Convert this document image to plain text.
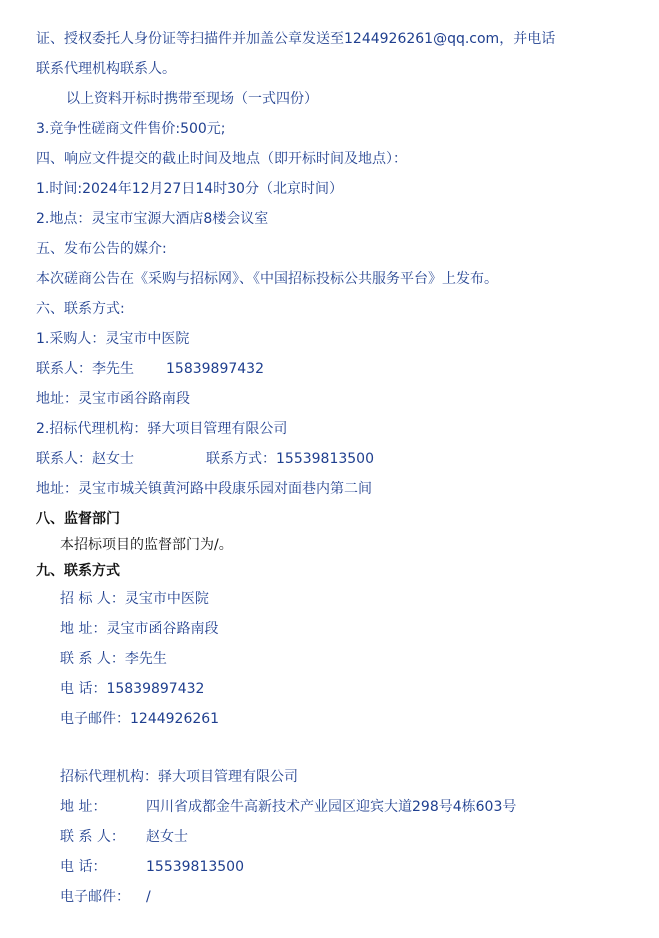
证、授权委托人身份证等扫描件并加盖公章发送至1244926261@qq.com，并电话
联系代理机构联系人。
以上资料开标时携带至现场（一式四份）
3.竞争性磋商文件售价:500元;
四、响应文件提交的截止时间及地点（即开标时间及地点）：
1.时间:2024年12月27日14时30分（北京时间）
2.地点：灵宝市宝源大酒店8楼会议室
五、发布公告的媒介:
本次磋商公告在《采购与招标网》、《中国招标投标公共服务平台》上发布。
六、联系方式:
1.采购人：灵宝市中医院
联系人：李先生 15839897432
地址：灵宝市函谷路南段
2.招标代理机构：驿大项目管理有限公司
联系人：赵女士	联系方式：15539813500
地址：灵宝市城关镇黄河路中段康乐园对面巷内第二间
八、监督部门
本招标项目的监督部门为/。
九、联系方式
招 标 人：灵宝市中医院
地 址：灵宝市函谷路南段
联 系 人：李先生
电 话：15839897432
电子邮件：1244926261
招标代理机构：驿大项目管理有限公司
地 址：	四川省成都金牛高新技术产业园区迎宾大道298号4栋603号
联 系 人： 赵女士
电 话：	15539813500
电子邮件： /
